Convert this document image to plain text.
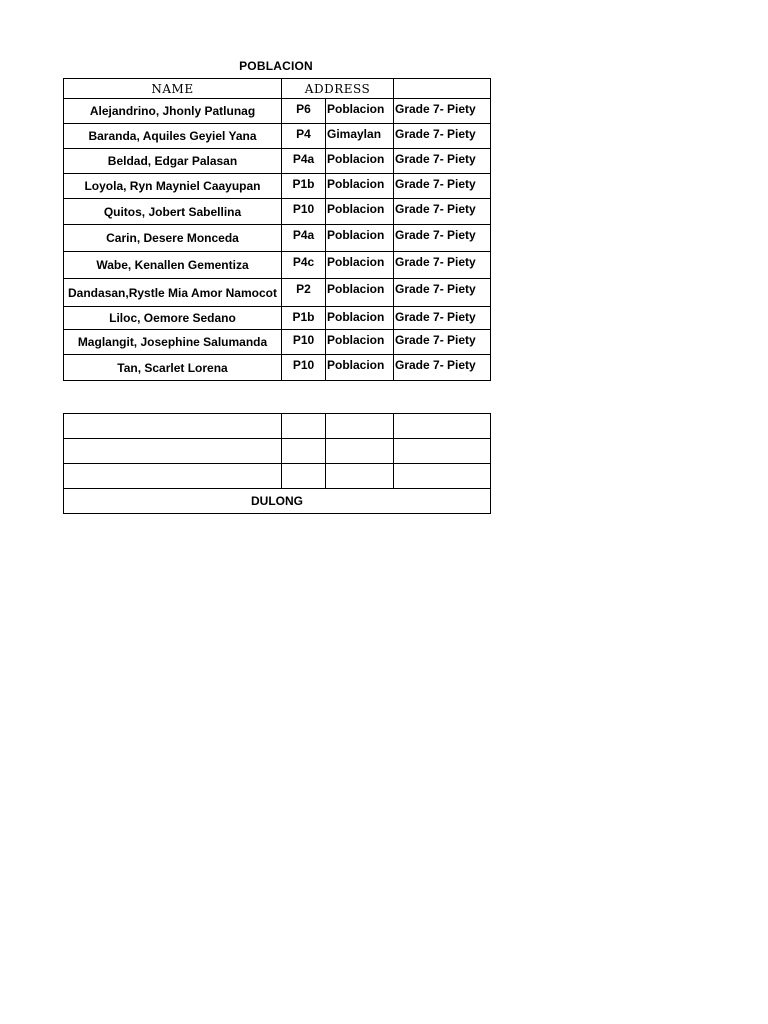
POBLACION
NAME	ADDRESS		
Alejandrino, Jhonly Patlunag	P6	Poblacion	Grade 7- Piety
Baranda, Aquiles Geyiel Yana	P4	Gimaylan	Grade 7- Piety
Beldad, Edgar Palasan	P4a	Poblacion	Grade 7- Piety
Loyola, Ryn Mayniel Caayupan	P1b	Poblacion	Grade 7- Piety
Quitos, Jobert Sabellina	P10	Poblacion	Grade 7- Piety
Carin, Desere Monceda	P4a	Poblacion	Grade 7- Piety
Wabe, Kenallen Gementiza	P4c	Poblacion	Grade 7- Piety
Dandasan,Rystle Mia Amor Namocot	P2	Poblacion	Grade 7- Piety
Liloc, Oemore Sedano	P1b	Poblacion	Grade 7- Piety
Maglangit, Josephine Salumanda	P10	Poblacion	Grade 7- Piety
Tan, Scarlet Lorena	P10	Poblacion	Grade 7- Piety

DULONG			
